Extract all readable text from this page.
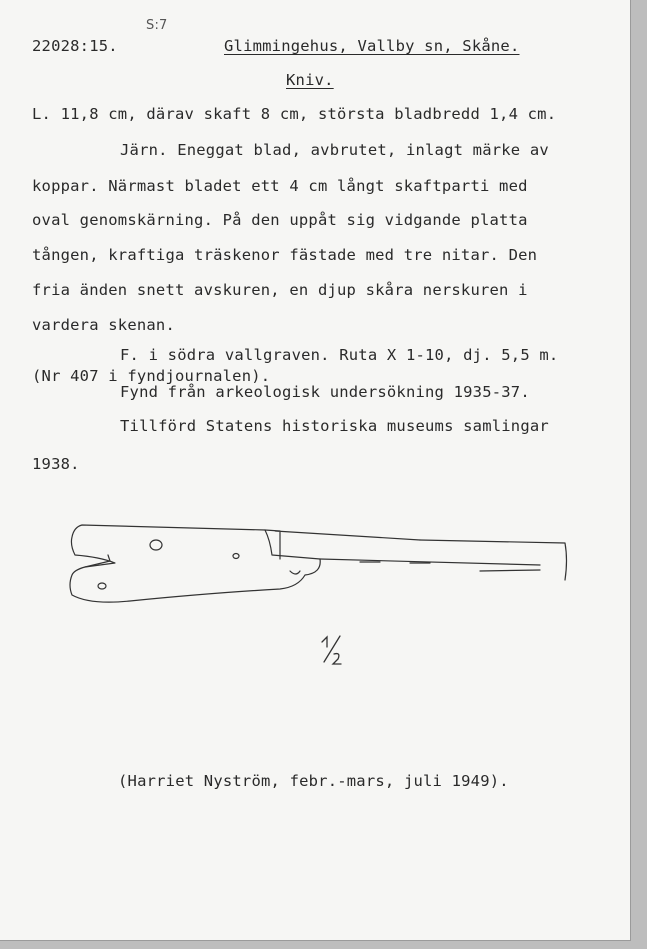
S:7
22028:15.	Glimmingehus, Vallby sn, Skåne.
Kniv.
L. 11,8 cm, därav skaft 8 cm, största bladbredd 1,4 cm.
Järn. Eneggat blad, avbrutet, inlagt märke av
koppar. Närmast bladet ett 4 cm långt skaftparti med
oval genomskärning. På den uppåt sig vidgande platta
tången, kraftiga träskenor fästade med tre nitar. Den
fria änden snett avskuren, en djup skåra nerskuren i
vardera skenan.
F. i södra vallgraven. Ruta X 1-10, dj. 5,5 m.
(Nr 407 i fyndjournalen).
Fynd från arkeologisk undersökning 1935-37.
Tillförd Statens historiska museums samlingar
1938.
1/1
(Harriet Nyström, febr.-mars, juli 1949).
